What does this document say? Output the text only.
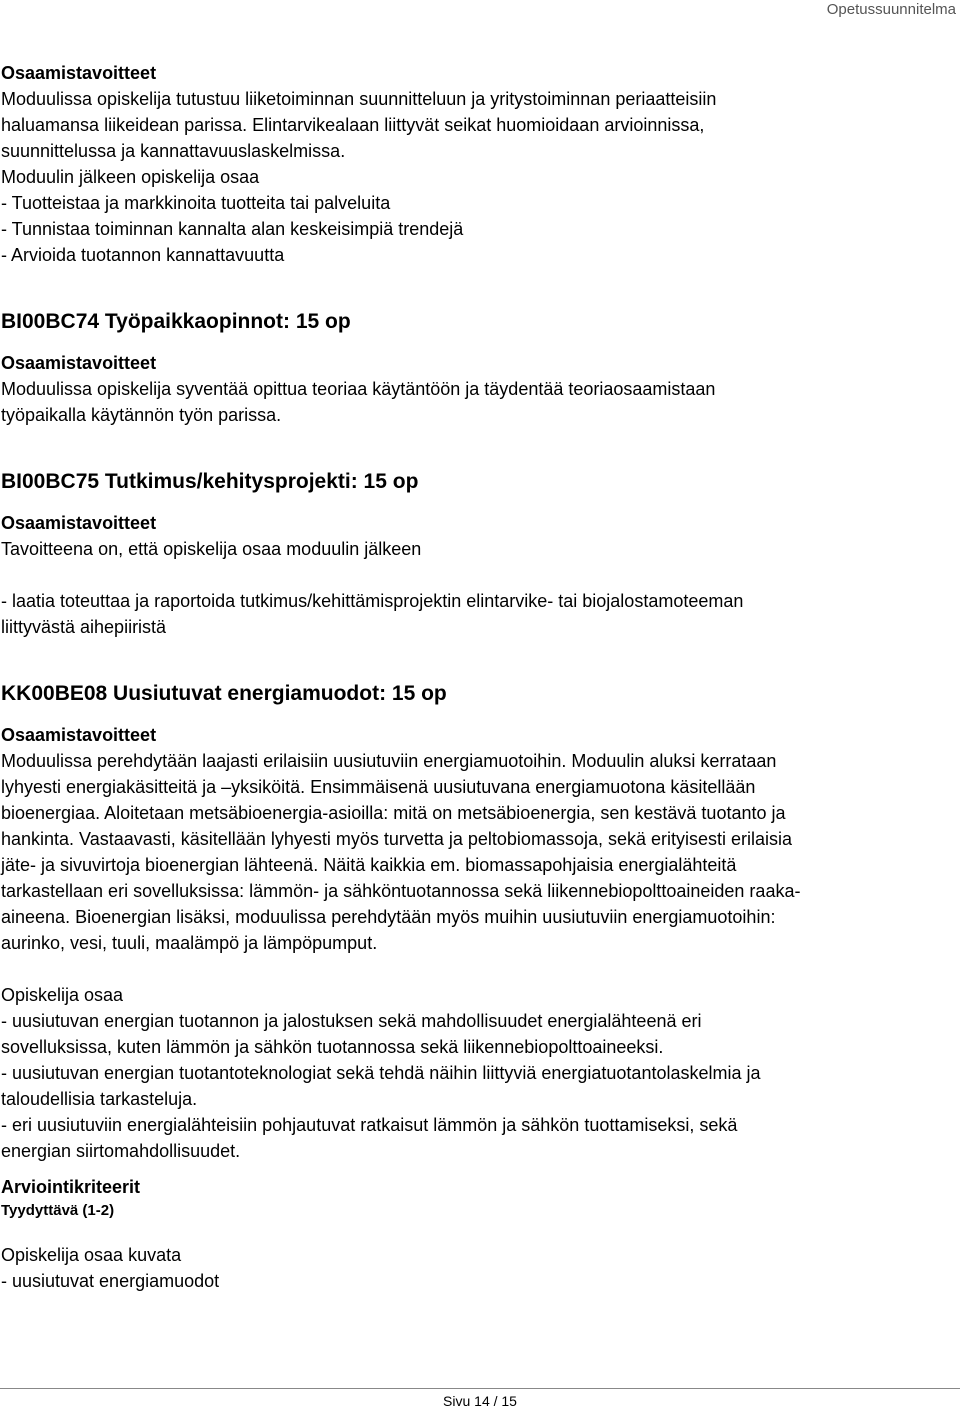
Opetussuunnitelma
Osaamistavoitteet
Moduulissa opiskelija tutustuu liiketoiminnan suunnitteluun ja yritystoiminnan periaatteisiin
haluamansa liikeidean parissa. Elintarvikealaan liittyvät seikat huomioidaan arvioinnissa,
suunnittelussa ja kannattavuuslaskelmissa.
Moduulin jälkeen opiskelija osaa
- Tuotteistaa ja markkinoita tuotteita tai palveluita
- Tunnistaa toiminnan kannalta alan keskeisimpiä trendejä
- Arvioida tuotannon kannattavuutta
BI00BC74 Työpaikkaopinnot: 15 op
Osaamistavoitteet
Moduulissa opiskelija syventää opittua teoriaa käytäntöön ja täydentää teoriaosaamistaan
työpaikalla käytännön työn parissa.
BI00BC75 Tutkimus/kehitysprojekti: 15 op
Osaamistavoitteet
Tavoitteena on, että opiskelija osaa moduulin jälkeen
- laatia toteuttaa ja raportoida tutkimus/kehittämisprojektin elintarvike- tai biojalostamoteeman
liittyvästä aihepiiristä
KK00BE08 Uusiutuvat energiamuodot: 15 op
Osaamistavoitteet
Moduulissa perehdytään laajasti erilaisiin uusiutuviin energiamuotoihin. Moduulin aluksi kerrataan
lyhyesti energiakäsitteitä ja –yksiköitä. Ensimmäisenä uusiutuvana energiamuotona käsitellään
bioenergiaa. Aloitetaan metsäbioenergia-asioilla: mitä on metsäbioenergia, sen kestävä tuotanto ja
hankinta. Vastaavasti, käsitellään lyhyesti myös turvetta ja peltobiomassoja, sekä erityisesti erilaisia
jäte- ja sivuvirtoja bioenergian lähteenä. Näitä kaikkia em. biomassapohjaisia energialähteitä
tarkastellaan eri sovelluksissa: lämmön- ja sähköntuotannossa sekä liikennebiopolttoaineiden raaka-
aineena. Bioenergian lisäksi, moduulissa perehdytään myös muihin uusiutuviin energiamuotoihin:
aurinko, vesi, tuuli, maalämpö ja lämpöpumput.
Opiskelija osaa
- uusiutuvan energian tuotannon ja jalostuksen sekä mahdollisuudet energialähteenä eri
sovelluksissa, kuten lämmön ja sähkön tuotannossa sekä liikennebiopolttoaineeksi.
- uusiutuvan energian tuotantoteknologiat sekä tehdä näihin liittyviä energiatuotantolaskelmia ja
taloudellisia tarkasteluja.
- eri uusiutuviin energialähteisiin pohjautuvat ratkaisut lämmön ja sähkön tuottamiseksi, sekä
energian siirtomahdollisuudet.
Arviointikriteerit
Tyydyttävä (1-2)
Opiskelija osaa kuvata
- uusiutuvat energiamuodot
Sivu 14 / 15
